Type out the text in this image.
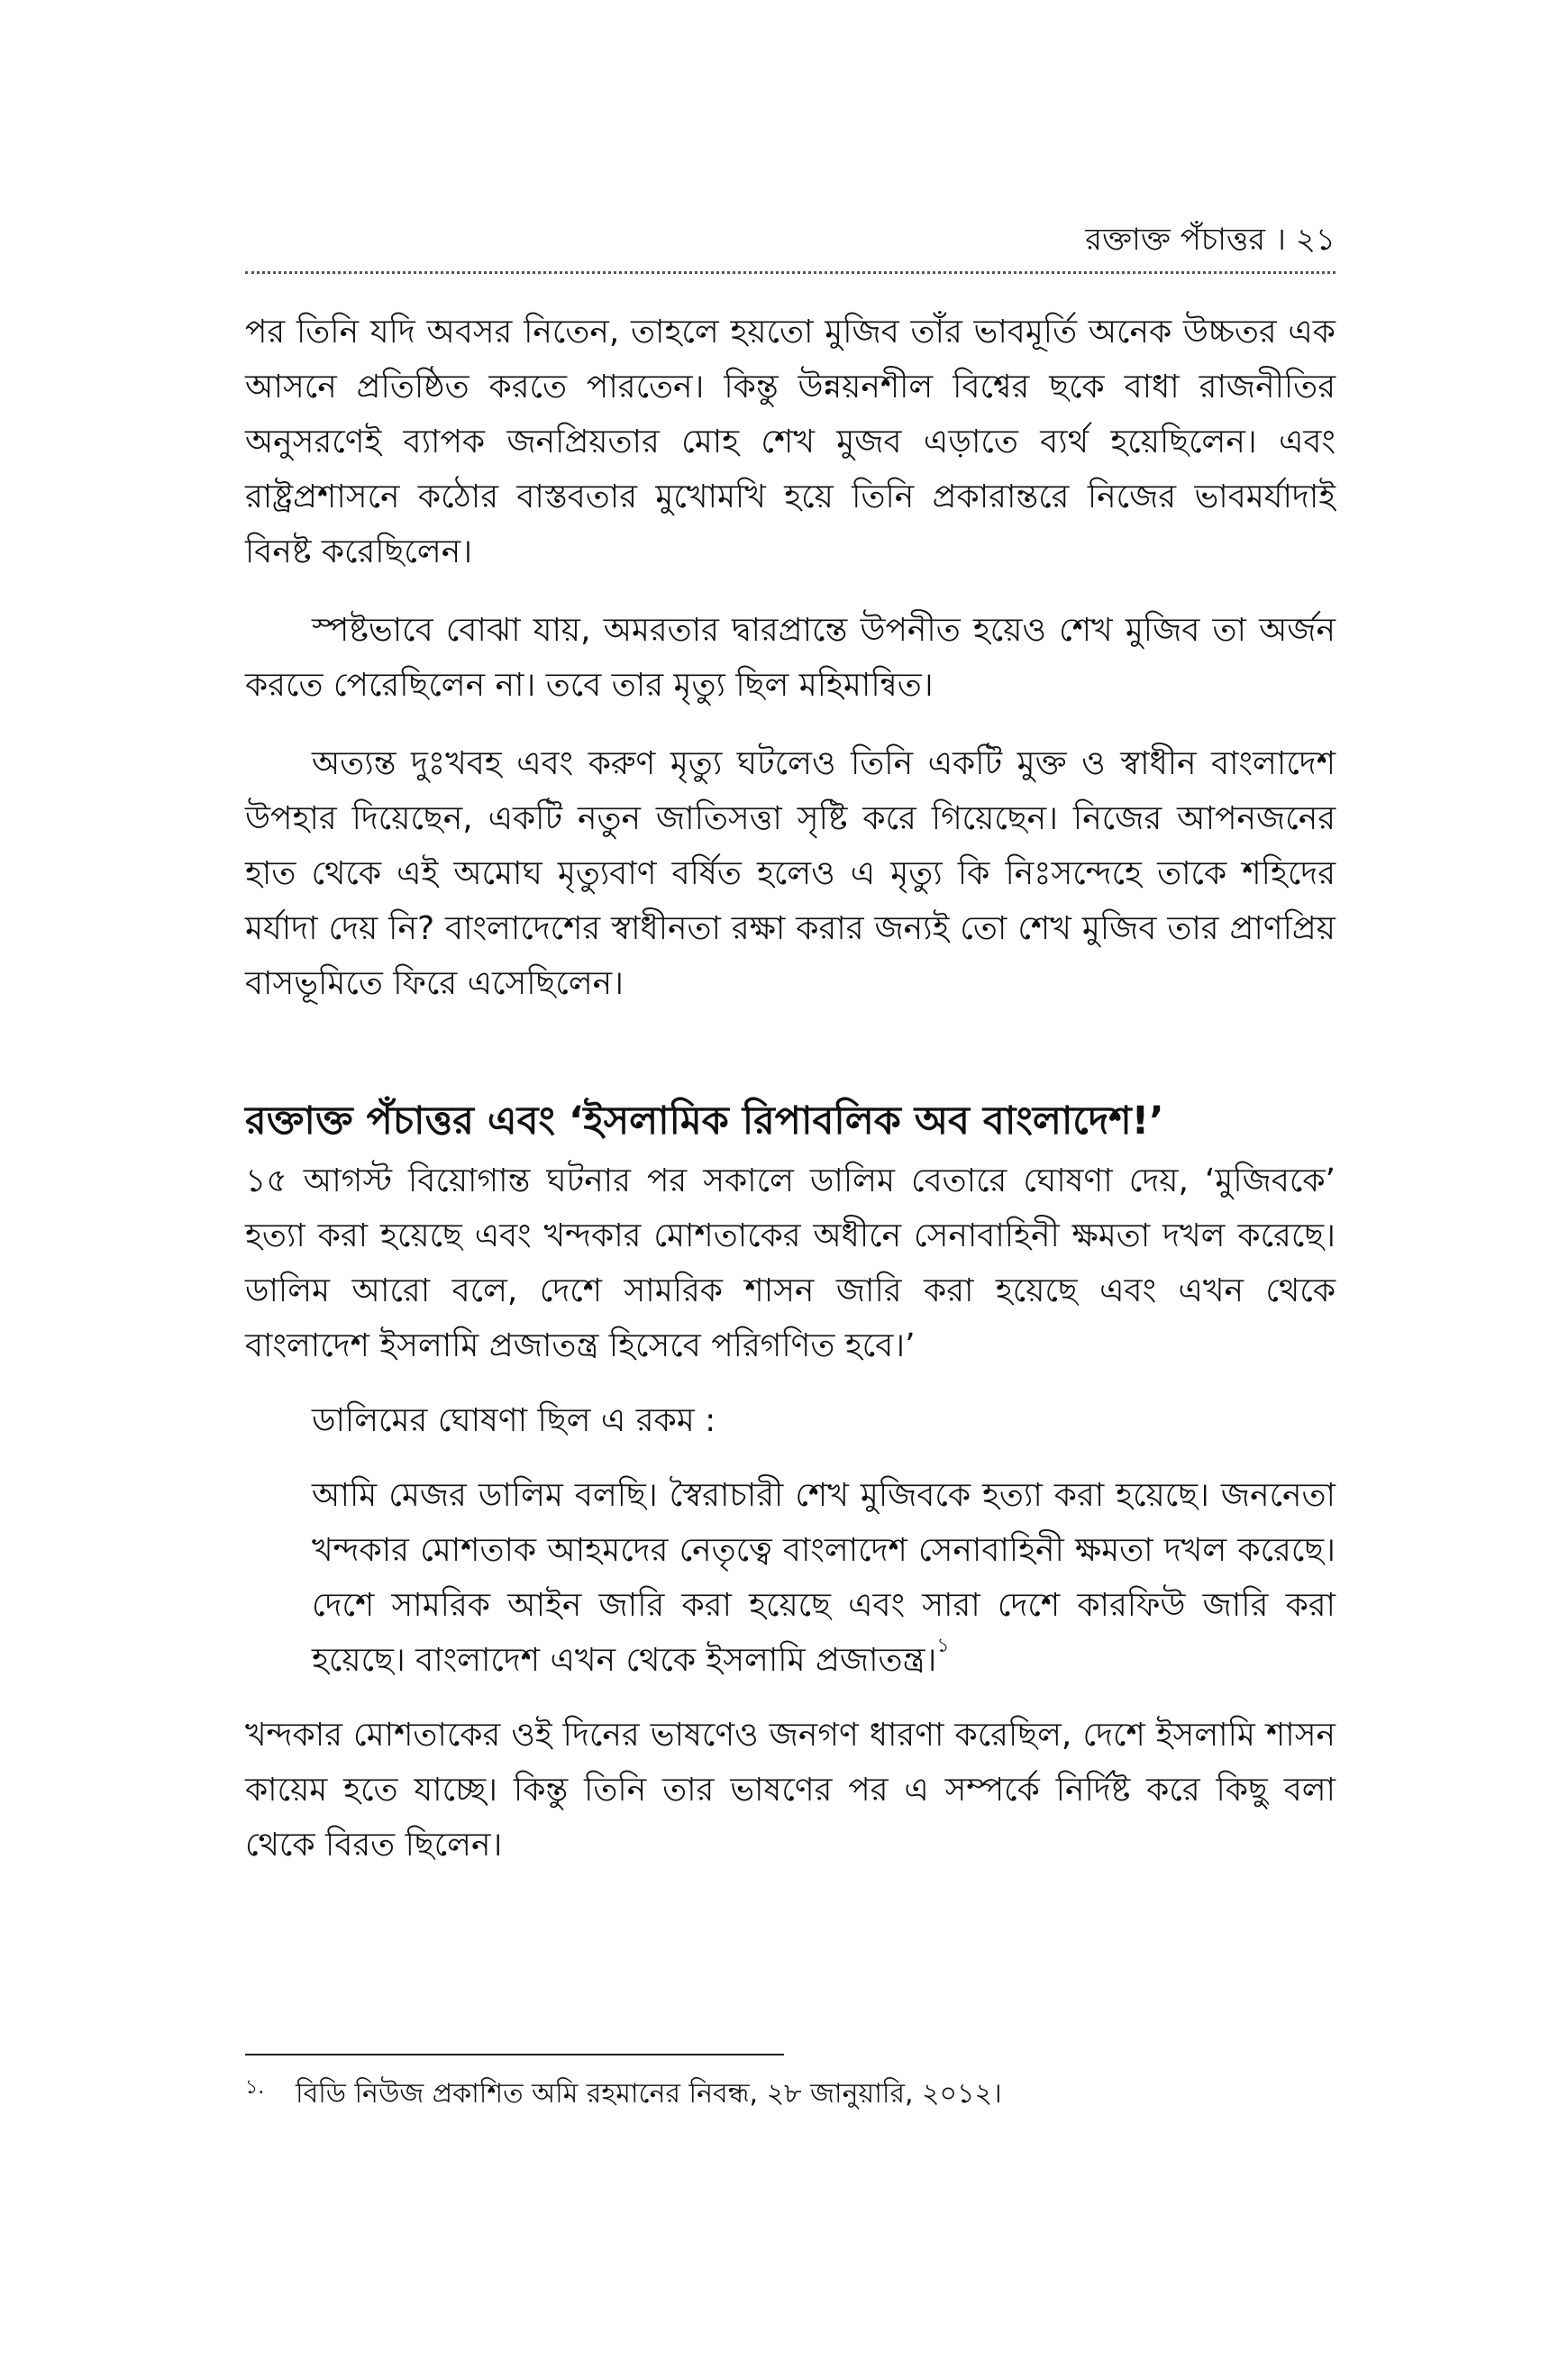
রক্তাক্ত পঁচাত্তর । ২১

পর তিনি যদি অবসর নিতেন, তাহলে হয়তো মুজিব তাঁর ভাবমূর্তি অনেক উচ্চতর এক আসনে প্রতিষ্ঠিত করতে পারতেন। কিন্তু উন্নয়নশীল বিশ্বের ছকে বাধা রাজনীতির অনুসরণেই ব্যাপক জনপ্রিয়তার মোহ শেখ মুজব এড়াতে ব্যর্থ হয়েছিলেন। এবং রাষ্ট্রপ্রশাসনে কঠোর বাস্তবতার মুখোমখি হয়ে তিনি প্রকারান্তরে নিজের ভাবমর্যাদাই বিনষ্ট করেছিলেন।

স্পষ্টভাবে বোঝা যায়, অমরতার দ্বারপ্রান্তে উপনীত হয়েও শেখ মুজিব তা অর্জন করতে পেরেছিলেন না। তবে তার মৃত্যু ছিল মহিমান্বিত।

অত্যন্ত দুঃখবহ এবং করুণ মৃত্যু ঘটলেও তিনি একটি মুক্ত ও স্বাধীন বাংলাদেশ উপহার দিয়েছেন, একটি নতুন জাতিসত্তা সৃষ্টি করে গিয়েছেন। নিজের আপনজনের হাত থেকে এই অমোঘ মৃত্যুবাণ বর্ষিত হলেও এ মৃত্যু কি নিঃসন্দেহে তাকে শহিদের মর্যাদা দেয় নি? বাংলাদেশের স্বাধীনতা রক্ষা করার জন্যই তো শেখ মুজিব তার প্রাণপ্রিয় বাসভূমিতে ফিরে এসেছিলেন।

রক্তাক্ত পঁচাত্তর এবং ‘ইসলামিক রিপাবলিক অব বাংলাদেশ!’

১৫ আগস্ট বিয়োগান্ত ঘটনার পর সকালে ডালিম বেতারে ঘোষণা দেয়, ‘মুজিবকে’ হত্যা করা হয়েছে এবং খন্দকার মোশতাকের অধীনে সেনাবাহিনী ক্ষমতা দখল করেছে। ডালিম আরো বলে, দেশে সামরিক শাসন জারি করা হয়েছে এবং এখন থেকে বাংলাদেশ ইসলামি প্রজাতন্ত্র হিসেবে পরিগণিত হবে।’

ডালিমের ঘোষণা ছিল এ রকম :

আমি মেজর ডালিম বলছি। স্বৈরাচারী শেখ মুজিবকে হত্যা করা হয়েছে। জননেতা খন্দকার মোশতাক আহমদের নেতৃত্বে বাংলাদেশ সেনাবাহিনী ক্ষমতা দখল করেছে। দেশে সামরিক আইন জারি করা হয়েছে এবং সারা দেশে কারফিউ জারি করা হয়েছে। বাংলাদেশ এখন থেকে ইসলামি প্রজাতন্ত্র।$^১$

খন্দকার মোশতাকের ওই দিনের ভাষণেও জনগণ ধারণা করেছিল, দেশে ইসলামি শাসন কায়েম হতে যাচ্ছে। কিন্তু তিনি তার ভাষণের পর এ সম্পর্কে নির্দিষ্ট করে কিছু বলা থেকে বিরত ছিলেন।

১. বিডি নিউজ প্রকাশিত অমি রহমানের নিবন্ধ, ২৮ জানুয়ারি, ২০১২।
